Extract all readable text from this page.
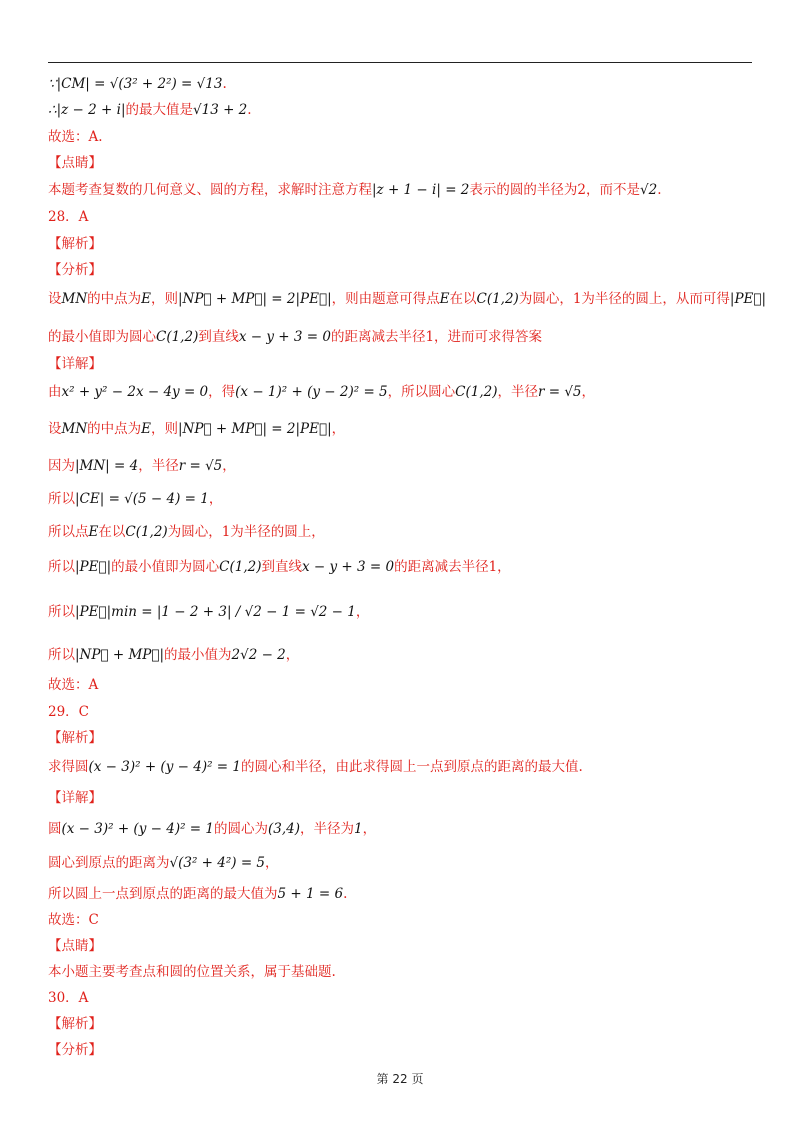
∵|CM| = √(3² + 2²) = √13.
∴|z − 2 + i|的最大值是√13 + 2.
故选：A.
【点睛】
本题考查复数的几何意义、圆的方程，求解时注意方程|z + 1 − i| = 2表示的圆的半径为2，而不是√2.
28．A
【解析】
【分析】
设MN的中点为E，则|NP⃗ + MP⃗| = 2|PE⃗|，则由题意可得点E在以C(1,2)为圆心，1为半径的圆上，从而可得|PE⃗|
的最小值即为圆心C(1,2)到直线x − y + 3 = 0的距离减去半径1，进而可求得答案
【详解】
由x² + y² − 2x − 4y = 0，得(x − 1)² + (y − 2)² = 5，所以圆心C(1,2)，半径r = √5，
设MN的中点为E，则|NP⃗ + MP⃗| = 2|PE⃗|，
因为|MN| = 4，半径r = √5，
所以|CE| = √(5 − 4) = 1，
所以点E在以C(1,2)为圆心，1为半径的圆上，
所以|PE⃗|的最小值即为圆心C(1,2)到直线x − y + 3 = 0的距离减去半径1，
所以|PE⃗|min = |1 − 2 + 3| / √2 − 1 = √2 − 1，
所以|NP⃗ + MP⃗|的最小值为2√2 − 2，
故选：A
29．C
【解析】
求得圆(x − 3)² + (y − 4)² = 1的圆心和半径，由此求得圆上一点到原点的距离的最大值.
【详解】
圆(x − 3)² + (y − 4)² = 1的圆心为(3,4)，半径为1，
圆心到原点的距离为√(3² + 4²) = 5，
所以圆上一点到原点的距离的最大值为5 + 1 = 6.
故选：C
【点睛】
本小题主要考查点和圆的位置关系，属于基础题.
30．A
【解析】
【分析】
第 22 页
